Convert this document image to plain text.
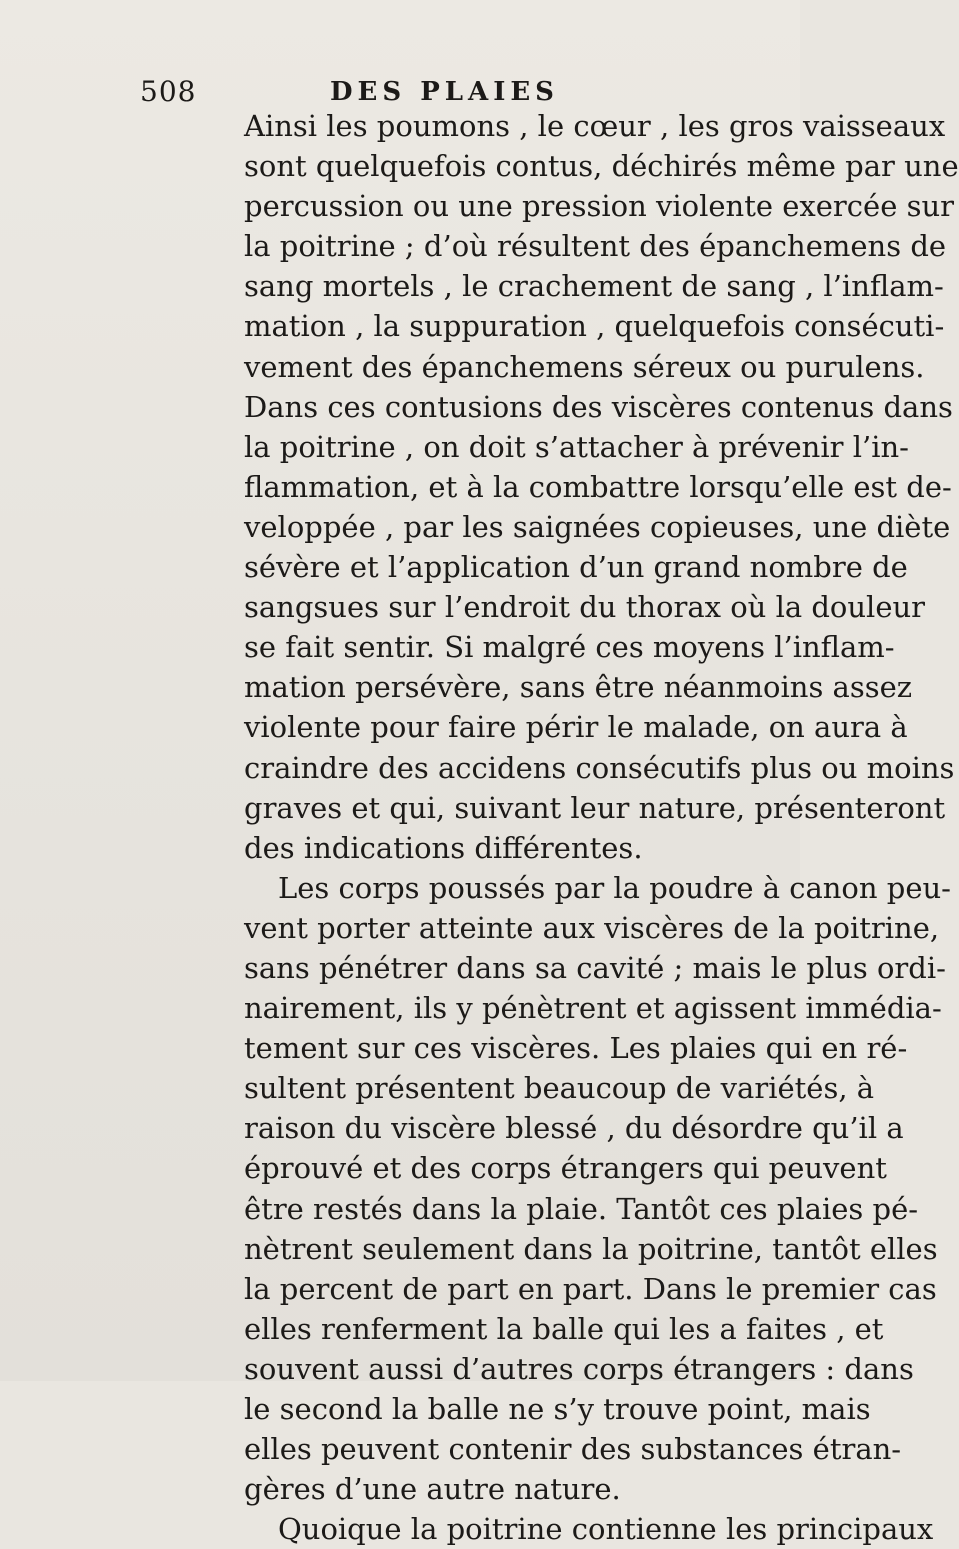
508	DES PLAIES
Ainsi les poumons , le cœur , les gros vaisseaux
sont quelquefois contus, déchirés même par une
percussion ou une pression violente exercée sur
la poitrine ; d’où résultent des épanchemens de
sang mortels , le crachement de sang , l’inflam-
mation , la suppuration , quelquefois consécuti-
vement des épanchemens séreux ou purulens.
Dans ces contusions des viscères contenus dans
la poitrine , on doit s’attacher à prévenir l’in-
flammation, et à la combattre lorsqu’elle est de-
veloppée , par les saignées copieuses, une diète
sévère et l’application d’un grand nombre de
sangsues sur l’endroit du thorax où la douleur
se fait sentir. Si malgré ces moyens l’inflam-
mation persévère, sans être néanmoins assez
violente pour faire périr le malade, on aura à
craindre des accidens consécutifs plus ou moins
graves et qui, suivant leur nature, présenteront
des indications différentes.
Les corps poussés par la poudre à canon peu-
vent porter atteinte aux viscères de la poitrine,
sans pénétrer dans sa cavité ; mais le plus ordi-
nairement, ils y pénètrent et agissent immédia-
tement sur ces viscères. Les plaies qui en ré-
sultent présentent beaucoup de variétés, à
raison du viscère blessé , du désordre qu’il a
éprouvé et des corps étrangers qui peuvent
être restés dans la plaie. Tantôt ces plaies pé-
nètrent seulement dans la poitrine, tantôt elles
la percent de part en part. Dans le premier cas
elles renferment la balle qui les a faites , et
souvent aussi d’autres corps étrangers : dans
le second la balle ne s’y trouve point, mais
elles peuvent contenir des substances étran-
gères d’une autre nature.
Quoique la poitrine contienne les principaux
